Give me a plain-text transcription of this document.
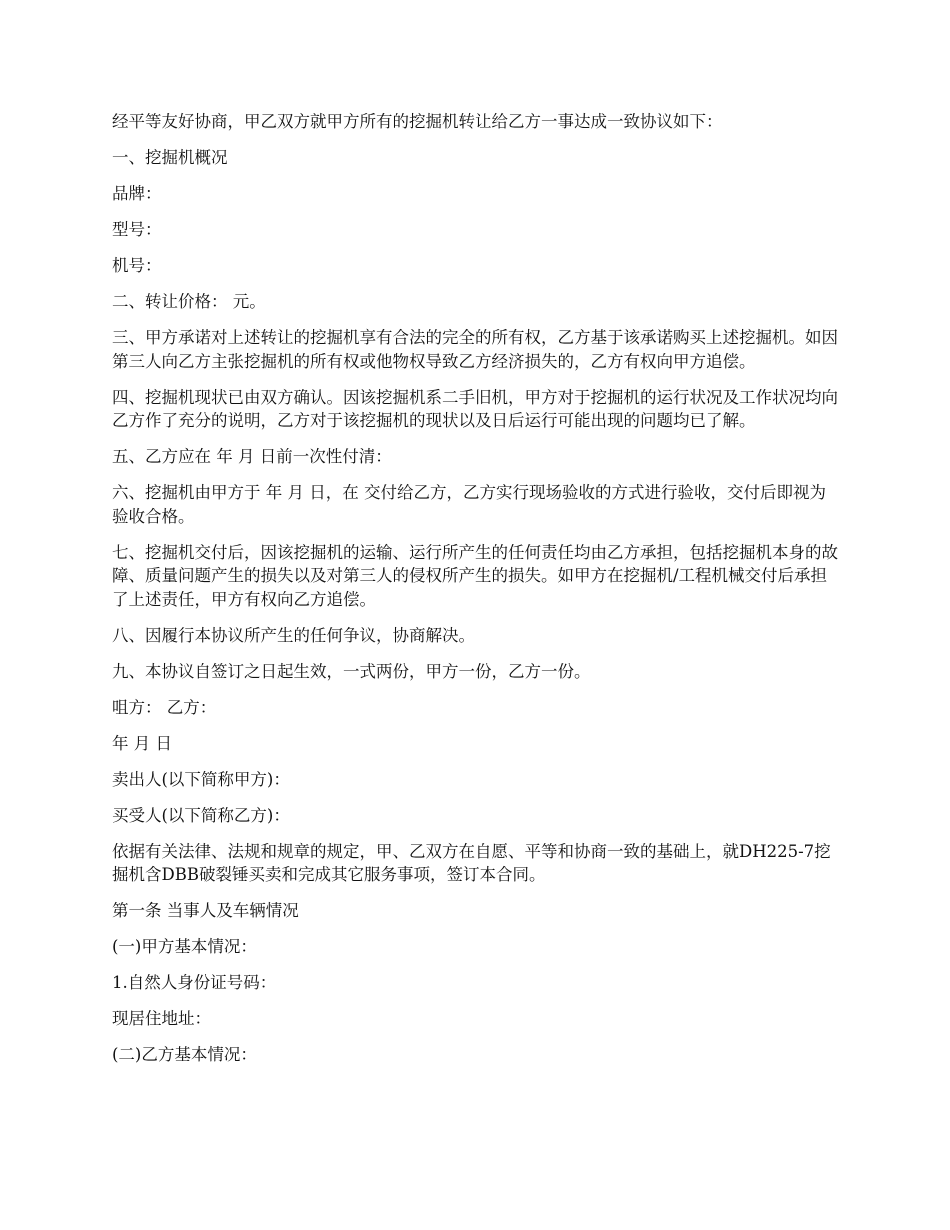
经平等友好协商，甲乙双方就甲方所有的挖掘机转让给乙方一事达成一致协议如下：

一、挖掘机概况

品牌：

型号：

机号：

二、转让价格： 元。

三、甲方承诺对上述转让的挖掘机享有合法的完全的所有权，乙方基于该承诺购买上述挖掘机。如因第三人向乙方主张挖掘机的所有权或他物权导致乙方经济损失的，乙方有权向甲方追偿。

四、挖掘机现状已由双方确认。因该挖掘机系二手旧机，甲方对于挖掘机的运行状况及工作状况均向乙方作了充分的说明，乙方对于该挖掘机的现状以及日后运行可能出现的问题均已了解。

五、乙方应在 年 月 日前一次性付清：

六、挖掘机由甲方于 年 月 日，在 交付给乙方，乙方实行现场验收的方式进行验收，交付后即视为验收合格。

七、挖掘机交付后，因该挖掘机的运输、运行所产生的任何责任均由乙方承担，包括挖掘机本身的故障、质量问题产生的损失以及对第三人的侵权所产生的损失。如甲方在挖掘机/工程机械交付后承担了上述责任，甲方有权向乙方追偿。

八、因履行本协议所产生的任何争议，协商解决。

九、本协议自签订之日起生效，一式两份，甲方一份，乙方一份。

咀方： 乙方：

年 月 日

卖出人(以下简称甲方)：

买受人(以下简称乙方)：

依据有关法律、法规和规章的规定，甲、乙双方在自愿、平等和协商一致的基础上，就DH225-7挖掘机含DBB破裂锤买卖和完成其它服务事项，签订本合同。

第一条 当事人及车辆情况

(一)甲方基本情况：

1.自然人身份证号码：

现居住地址：

(二)乙方基本情况：
